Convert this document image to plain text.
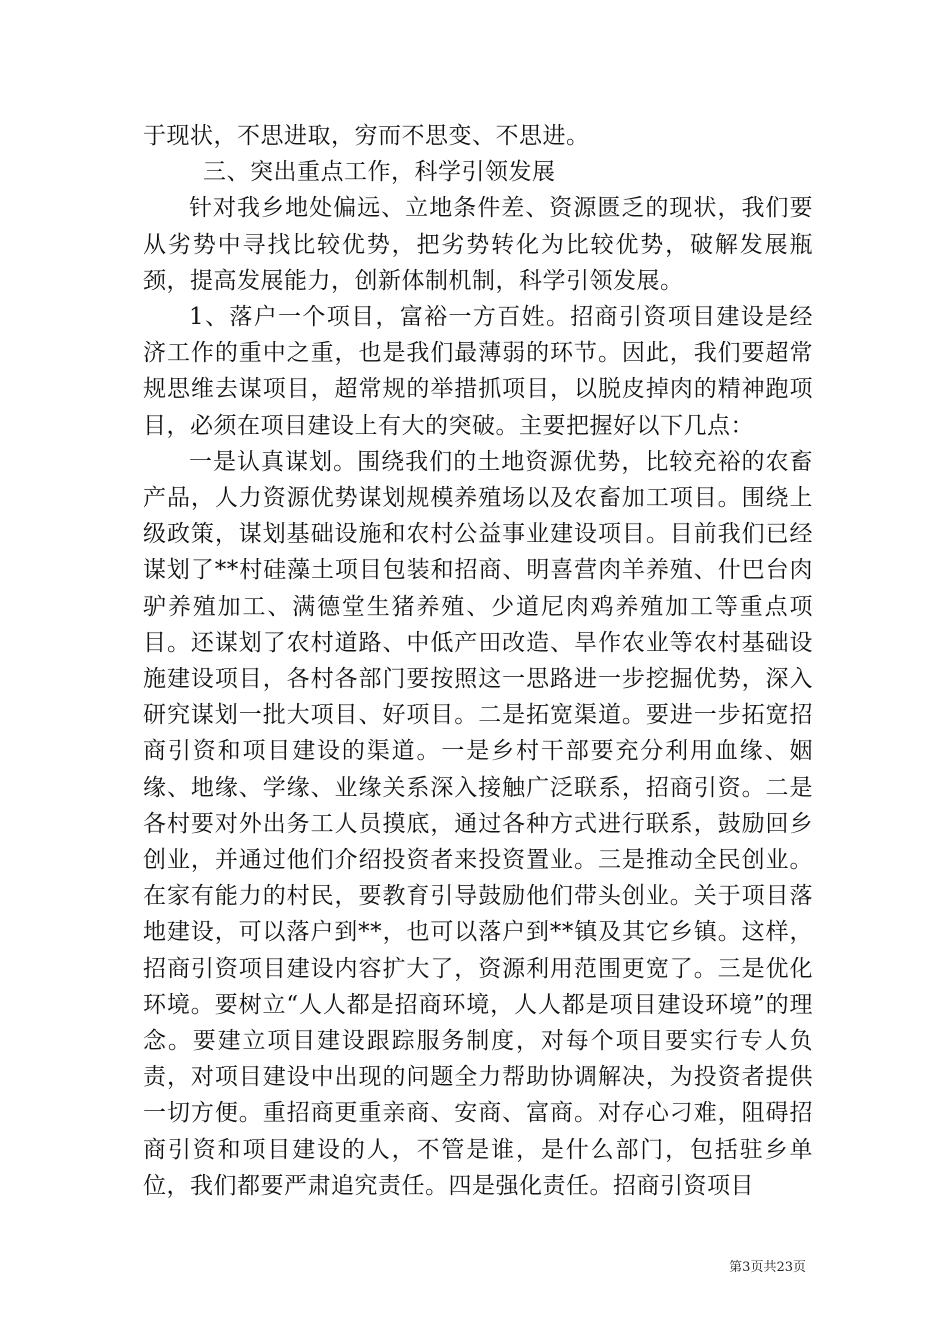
于现状，不思进取，穷而不思变、不思进。

三、突出重点工作，科学引领发展

针对我乡地处偏远、立地条件差、资源匮乏的现状，我们要从劣势中寻找比较优势，把劣势转化为比较优势，破解发展瓶颈，提高发展能力，创新体制机制，科学引领发展。

1、落户一个项目，富裕一方百姓。招商引资项目建设是经济工作的重中之重，也是我们最薄弱的环节。因此，我们要超常规思维去谋项目，超常规的举措抓项目，以脱皮掉肉的精神跑项目，必须在项目建设上有大的突破。主要把握好以下几点：

一是认真谋划。围绕我们的土地资源优势，比较充裕的农畜产品，人力资源优势谋划规模养殖场以及农畜加工项目。围绕上级政策，谋划基础设施和农村公益事业建设项目。目前我们已经谋划了**村硅藻土项目包装和招商、明喜营肉羊养殖、什巴台肉驴养殖加工、满德堂生猪养殖、少道尼肉鸡养殖加工等重点项目。还谋划了农村道路、中低产田改造、旱作农业等农村基础设施建设项目，各村各部门要按照这一思路进一步挖掘优势，深入研究谋划一批大项目、好项目。二是拓宽渠道。要进一步拓宽招商引资和项目建设的渠道。一是乡村干部要充分利用血缘、姻缘、地缘、学缘、业缘关系深入接触广泛联系，招商引资。二是各村要对外出务工人员摸底，通过各种方式进行联系，鼓励回乡创业，并通过他们介绍投资者来投资置业。三是推动全民创业。在家有能力的村民，要教育引导鼓励他们带头创业。关于项目落地建设，可以落户到**，也可以落户到**镇及其它乡镇。这样，招商引资项目建设内容扩大了，资源利用范围更宽了。三是优化环境。要树立“人人都是招商环境，人人都是项目建设环境”的理念。要建立项目建设跟踪服务制度，对每个项目要实行专人负责，对项目建设中出现的问题全力帮助协调解决，为投资者提供一切方便。重招商更重亲商、安商、富商。对存心刁难，阻碍招商引资和项目建设的人，不管是谁，是什么部门，包括驻乡单位，我们都要严肃追究责任。四是强化责任。招商引资项目

第3页共23页
